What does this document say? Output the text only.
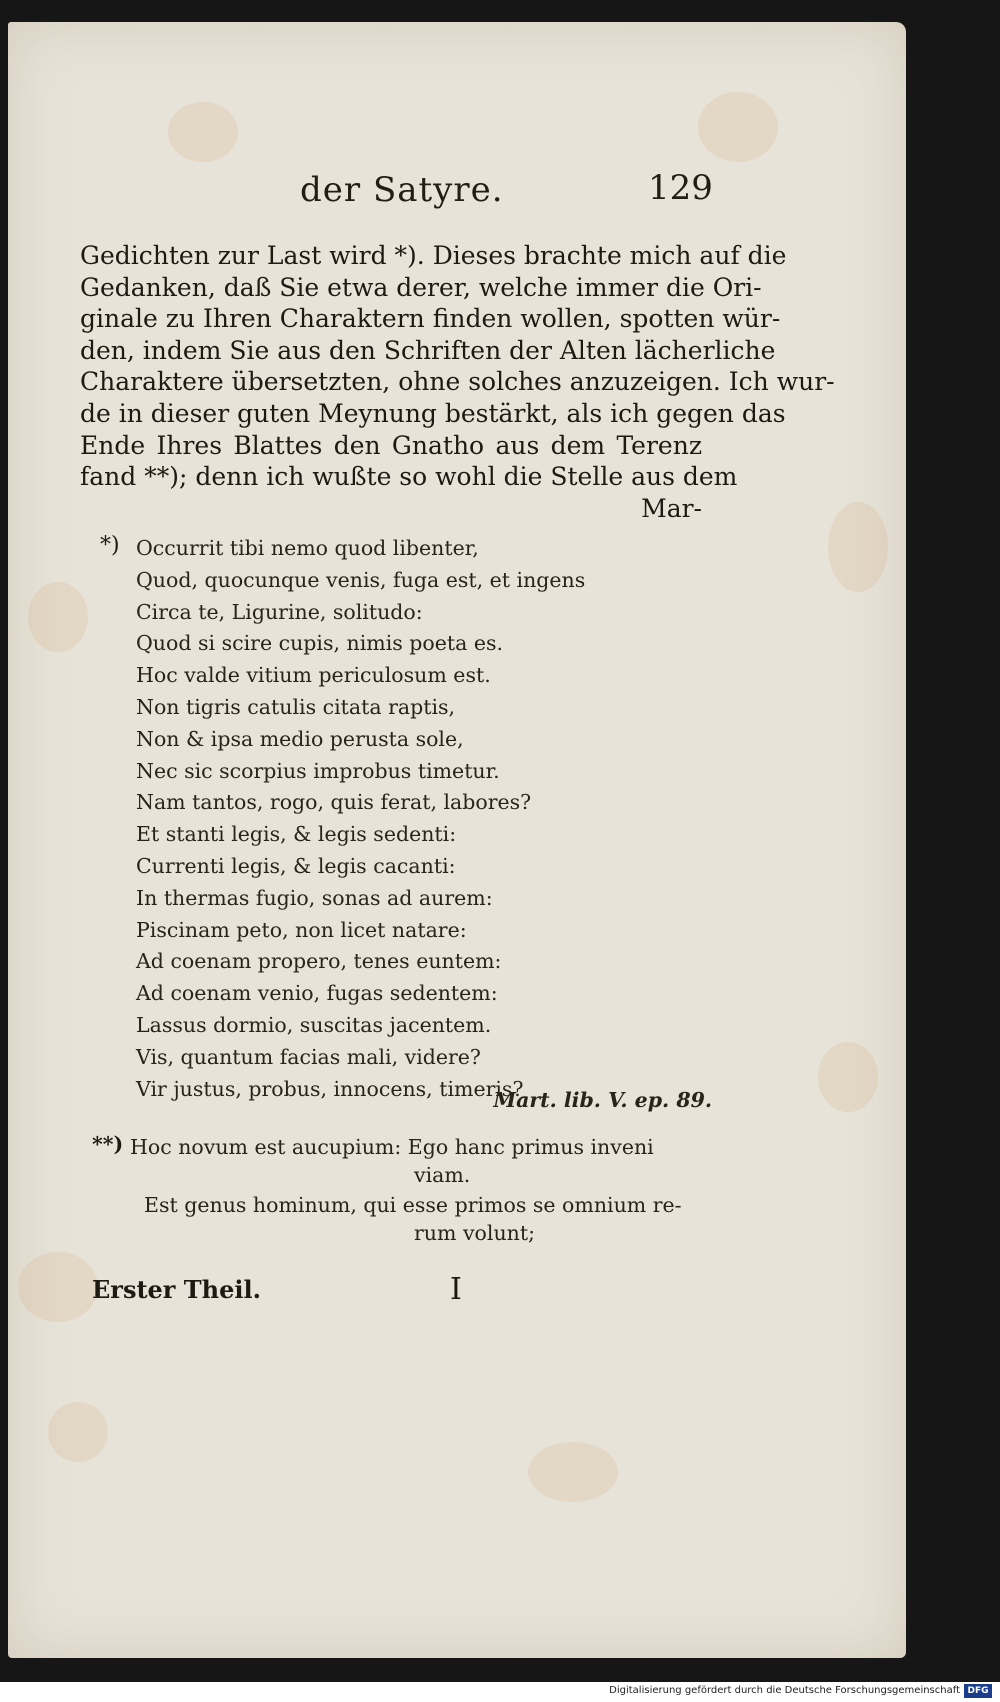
der Satyre.	129
Gedichten zur Last wird *). Dieses brachte mich auf die
Gedanken, daß Sie etwa derer, welche immer die Ori-
ginale zu Ihren Charaktern finden wollen, spotten wür-
den, indem Sie aus den Schriften der Alten lächerliche
Charaktere übersetzten, ohne solches anzuzeigen. Ich wur-
de in dieser guten Meynung bestärkt, als ich gegen das
Ende Ihres Blattes den Gnatho aus dem Terenz
fand **); denn ich wußte so wohl die Stelle aus dem
Mar-
*) Occurrit tibi nemo quod libenter,
Quod, quocunque venis, fuga est, et ingens
Circa te, Ligurine, solitudo:
Quod si scire cupis, nimis poeta es.
Hoc valde vitium periculosum est.
Non tigris catulis citata raptis,
Non & ipsa medio perusta sole,
Nec sic scorpius improbus timetur.
Nam tantos, rogo, quis ferat, labores?
Et stanti legis, & legis sedenti:
Currenti legis, & legis cacanti:
In thermas fugio, sonas ad aurem:
Piscinam peto, non licet natare:
Ad coenam propero, tenes euntem:
Ad coenam venio, fugas sedentem:
Lassus dormio, suscitas jacentem.
Vis, quantum facias mali, videre?
Vir justus, probus, innocens, timeris?
Mart. lib. V. ep. 89.
**) Hoc novum est aucupium: Ego hanc primus inveni
viam.
Est genus hominum, qui esse primos se omnium re-
rum volunt;
Erster Theil.	I
Digitalisierung gefördert durch die Deutsche Forschungsgemeinschaft DFG
